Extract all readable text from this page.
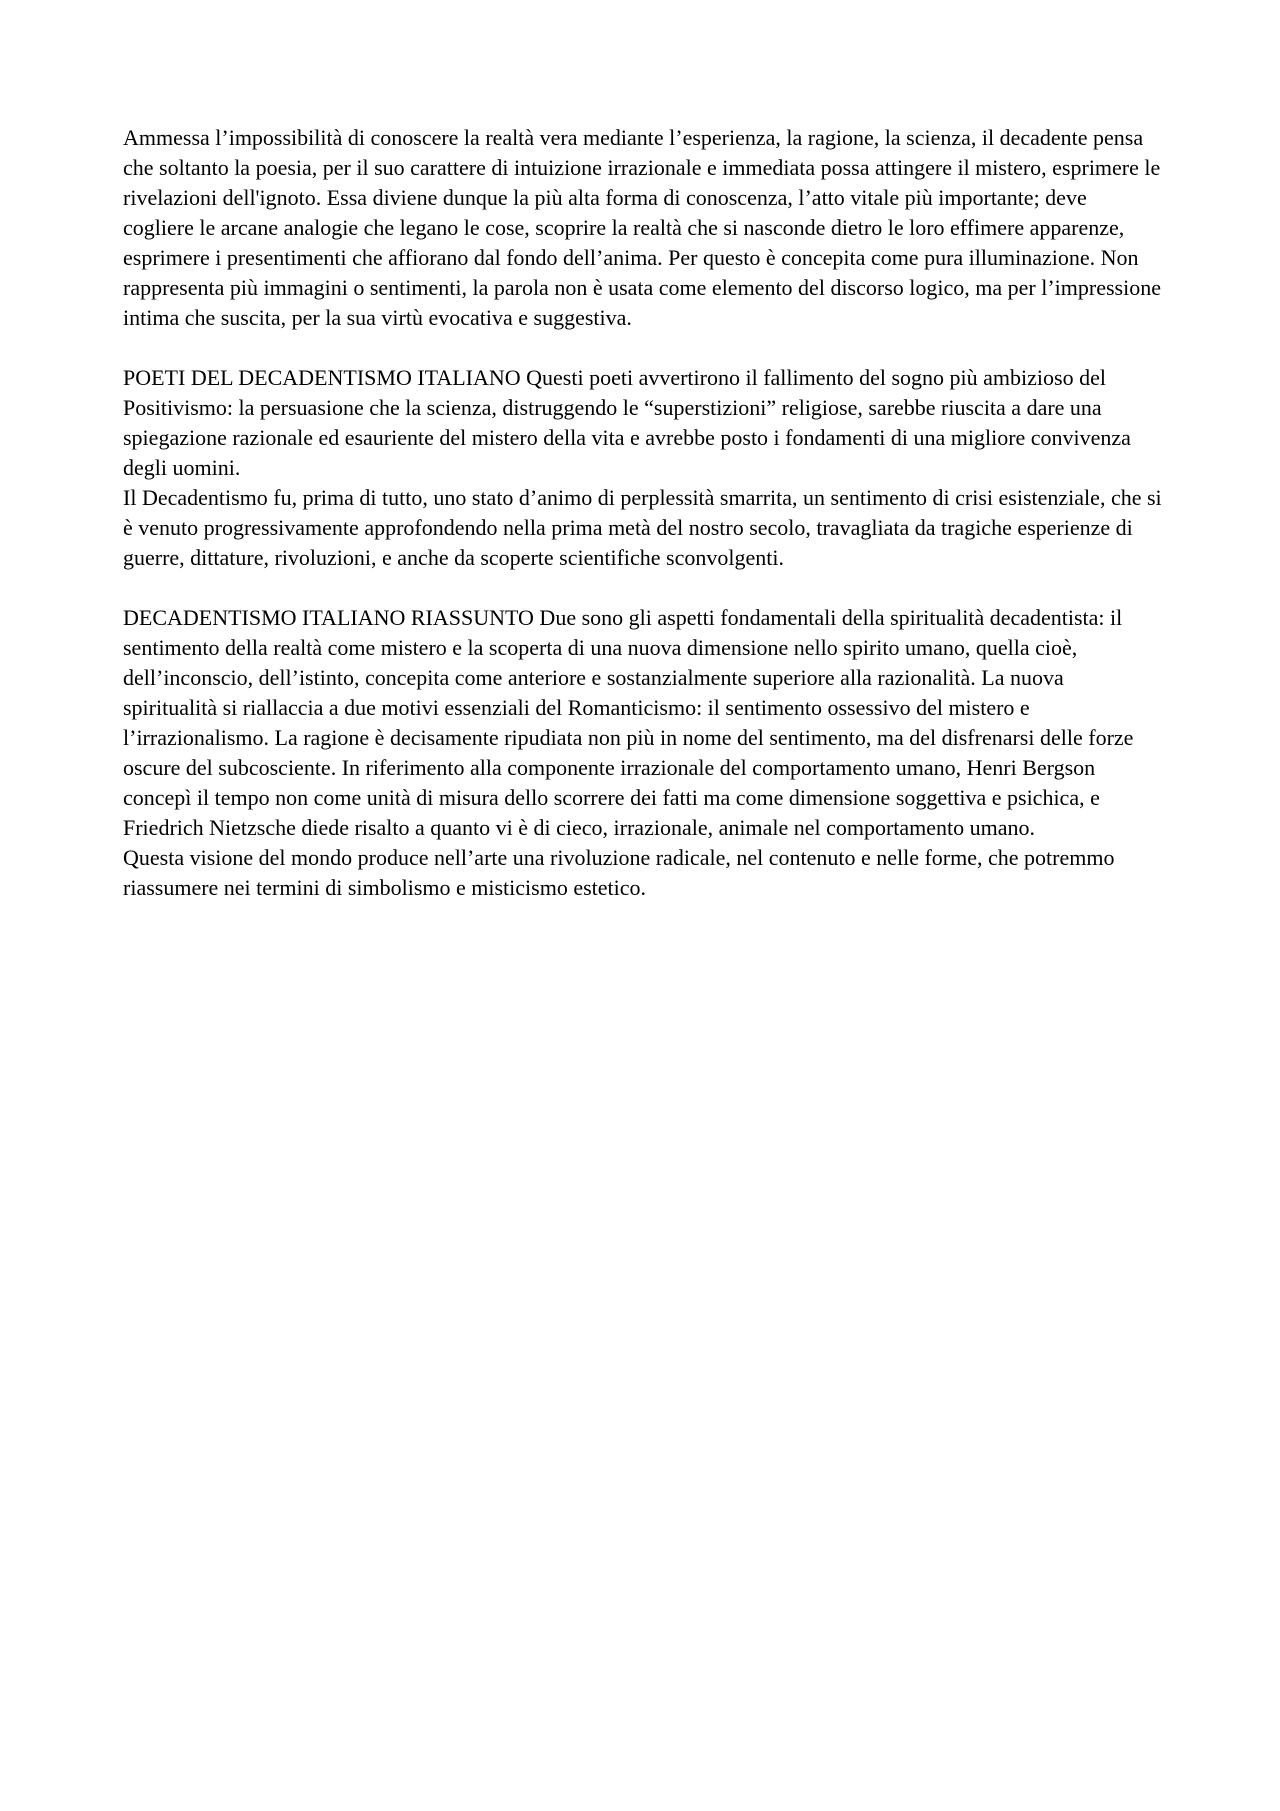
Ammessa l’impossibilità di conoscere la realtà vera mediante l’esperienza, la ragione, la scienza, il decadente pensa che soltanto la poesia, per il suo carattere di intuizione irrazionale e immediata possa attingere il mistero, esprimere le rivelazioni dell'ignoto. Essa diviene dunque la più alta forma di conoscenza, l’atto vitale più importante; deve cogliere le arcane analogie che legano le cose, scoprire la realtà che si nasconde dietro le loro effimere apparenze, esprimere i presentimenti che affiorano dal fondo dell’anima. Per questo è concepita come pura illuminazione. Non rappresenta più immagini o sentimenti, la parola non è usata come elemento del discorso logico, ma per l’impressione intima che suscita, per la sua virtù evocativa e suggestiva.

POETI DEL DECADENTISMO ITALIANO Questi poeti avvertirono il fallimento del sogno più ambizioso del Positivismo: la persuasione che la scienza, distruggendo le “superstizioni” religiose, sarebbe riuscita a dare una spiegazione razionale ed esauriente del mistero della vita e avrebbe posto i fondamenti di una migliore convivenza degli uomini.

Il Decadentismo fu, prima di tutto, uno stato d’animo di perplessità smarrita, un sentimento di crisi esistenziale, che si è venuto progressivamente approfondendo nella prima metà del nostro secolo, travagliata da tragiche esperienze di guerre, dittature, rivoluzioni, e anche da scoperte scientifiche sconvolgenti.

DECADENTISMO ITALIANO RIASSUNTO Due sono gli aspetti fondamentali della spiritualità decadentista: il sentimento della realtà come mistero e la scoperta di una nuova dimensione nello spirito umano, quella cioè, dell’inconscio, dell’istinto, concepita come anteriore e sostanzialmente superiore alla razionalità. La nuova spiritualità si riallaccia a due motivi essenziali del Romanticismo: il sentimento ossessivo del mistero e l’irrazionalismo. La ragione è decisamente ripudiata non più in nome del sentimento, ma del disfrenarsi delle forze oscure del subcosciente. In riferimento alla componente irrazionale del comportamento umano, Henri Bergson concepì il tempo non come unità di misura dello scorrere dei fatti ma come dimensione soggettiva e psichica, e Friedrich Nietzsche diede risalto a quanto vi è di cieco, irrazionale, animale nel comportamento umano.

Questa visione del mondo produce nell’arte una rivoluzione radicale, nel contenuto e nelle forme, che potremmo riassumere nei termini di simbolismo e misticismo estetico.
